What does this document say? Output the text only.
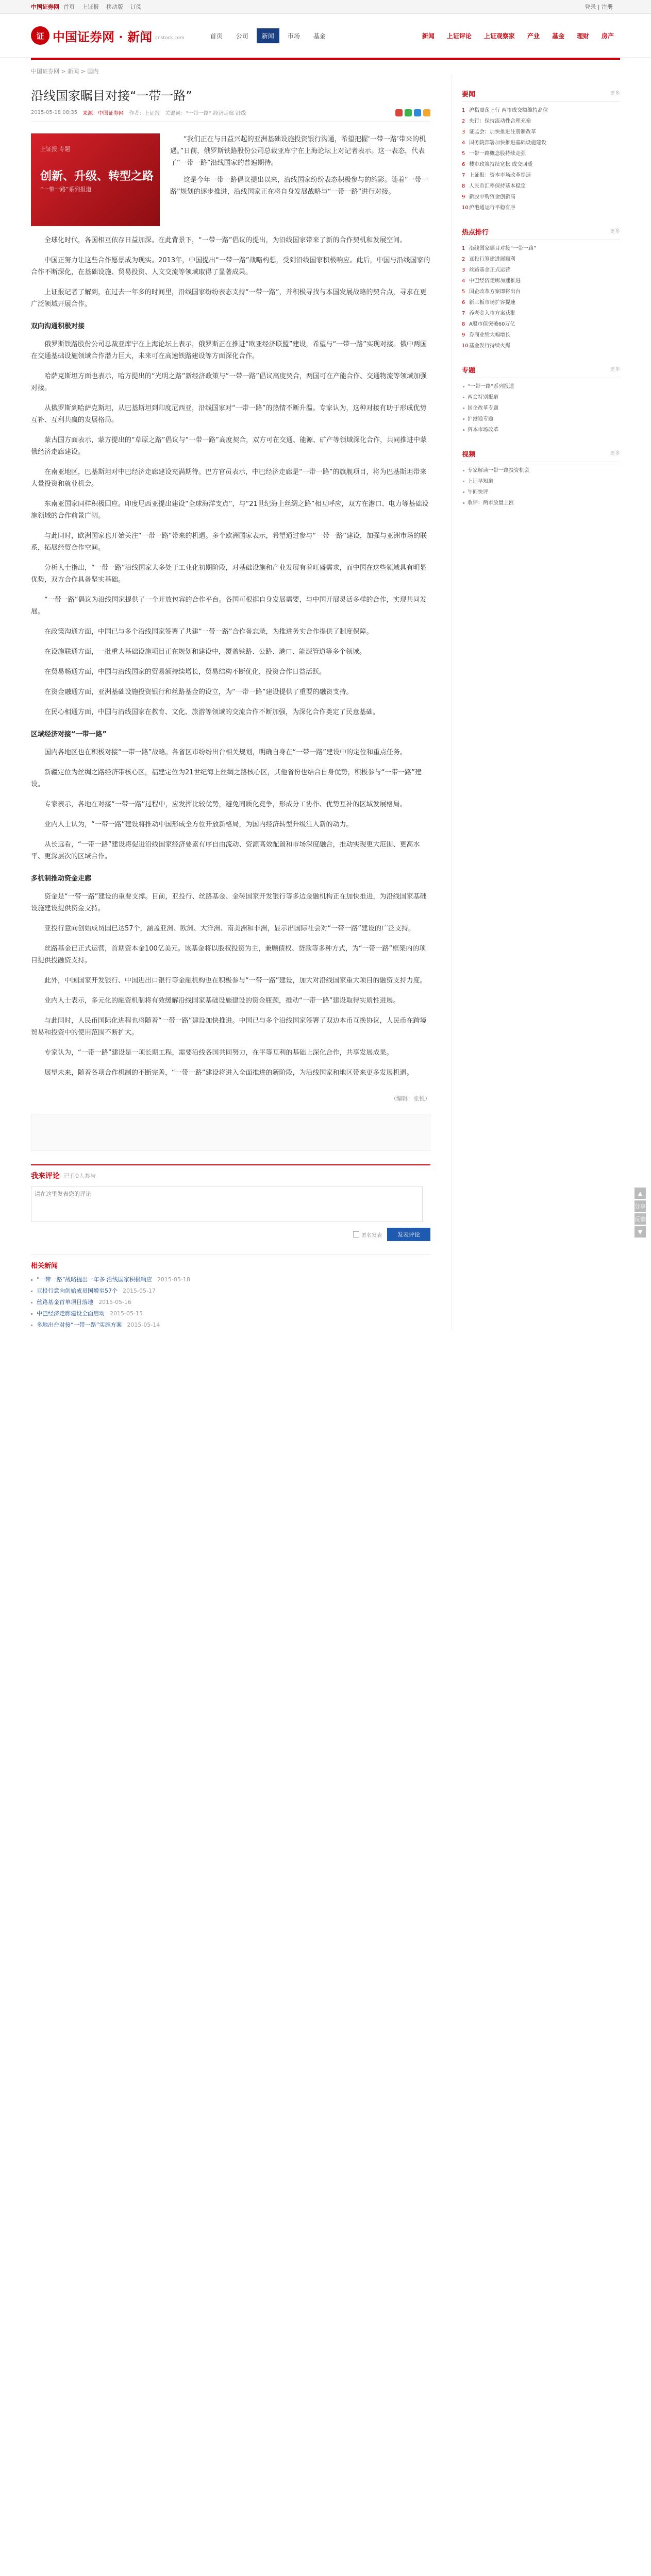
中国证券网 首页 上证报 移动版 订阅	登录 | 注册
证 中国证券网 · 新闻 cnstock.com	首页	公司	新闻	市场	基金	新闻	上证评论	上证观察家	产业	基金	理财	房产
中国证券网 > 新闻 > 国内
沿线国家瞩目对接“一带一路”
2015-05-18 08:35 来源：中国证券网 作者：上证报 关键词：“一带一路” 经济走廊 沿线
上证报 专题
创新、升级、转型之路
“一带一路”系列报道

“我们正在与日益兴起的亚洲基础设施投资银行沟通，希望把握‘一带一路’带来的机遇。”日前，俄罗斯铁路股份公司总裁亚库宁在上海论坛上对记者表示。这一表态，代表了“一带一路”沿线国家的普遍期待。

这是今年一带一路倡议提出以来，沿线国家纷纷表态积极参与的缩影。随着“一带一路”规划的逐步推进，沿线国家正在将自身发展战略与“一带一路”进行对接。

全球化时代，各国相互依存日益加深。在此背景下，“一带一路”倡议的提出，为沿线国家带来了新的合作契机和发展空间。

中国正努力让这些合作愿景成为现实。2013年，中国提出“一带一路”战略构想，受到沿线国家积极响应。此后，中国与沿线国家的合作不断深化，在基础设施、贸易投资、人文交流等领域取得了显著成果。

上证报记者了解到，在过去一年多的时间里，沿线国家纷纷表态支持“一带一路”，并积极寻找与本国发展战略的契合点，寻求在更广泛领域开展合作。

双向沟通积极对接

俄罗斯铁路股份公司总裁亚库宁在上海论坛上表示，俄罗斯正在推进“欧亚经济联盟”建设，希望与“一带一路”实现对接。俄中两国在交通基础设施领域合作潜力巨大，未来可在高速铁路建设等方面深化合作。

哈萨克斯坦方面也表示，哈方提出的“光明之路”新经济政策与“一带一路”倡议高度契合，两国可在产能合作、交通物流等领域加强对接。

从俄罗斯到哈萨克斯坦，从巴基斯坦到印度尼西亚，沿线国家对“一带一路”的热情不断升温。专家认为，这种对接有助于形成优势互补、互利共赢的发展格局。

蒙古国方面表示，蒙方提出的“草原之路”倡议与“一带一路”高度契合，双方可在交通、能源、矿产等领域深化合作，共同推进中蒙俄经济走廊建设。

在南亚地区，巴基斯坦对中巴经济走廊建设充满期待。巴方官员表示，中巴经济走廊是“一带一路”的旗舰项目，将为巴基斯坦带来大量投资和就业机会。

东南亚国家同样积极回应。印度尼西亚提出建设“全球海洋支点”，与“21世纪海上丝绸之路”相互呼应，双方在港口、电力等基础设施领域的合作前景广阔。

与此同时，欧洲国家也开始关注“一带一路”带来的机遇。多个欧洲国家表示，希望通过参与“一带一路”建设，加强与亚洲市场的联系，拓展经贸合作空间。

分析人士指出，“一带一路”沿线国家大多处于工业化初期阶段，对基础设施和产业发展有着旺盛需求，而中国在这些领域具有明显优势，双方合作具备坚实基础。

“一带一路”倡议为沿线国家提供了一个开放包容的合作平台。各国可根据自身发展需要，与中国开展灵活多样的合作，实现共同发展。

在政策沟通方面，中国已与多个沿线国家签署了共建“一带一路”合作备忘录，为推进务实合作提供了制度保障。

在设施联通方面，一批重大基础设施项目正在规划和建设中，覆盖铁路、公路、港口、能源管道等多个领域。

在贸易畅通方面，中国与沿线国家的贸易额持续增长，贸易结构不断优化，投资合作日益活跃。

在资金融通方面，亚洲基础设施投资银行和丝路基金的设立，为“一带一路”建设提供了重要的融资支持。

在民心相通方面，中国与沿线国家在教育、文化、旅游等领域的交流合作不断加强，为深化合作奠定了民意基础。

区域经济对接“一带一路”

国内各地区也在积极对接“一带一路”战略。各省区市纷纷出台相关规划，明确自身在“一带一路”建设中的定位和重点任务。

新疆定位为丝绸之路经济带核心区，福建定位为21世纪海上丝绸之路核心区，其他省份也结合自身优势，积极参与“一带一路”建设。

专家表示，各地在对接“一带一路”过程中，应发挥比较优势，避免同质化竞争，形成分工协作、优势互补的区域发展格局。

业内人士认为，“一带一路”建设将推动中国形成全方位开放新格局，为国内经济转型升级注入新的动力。

从长远看，“一带一路”建设将促进沿线国家经济要素有序自由流动、资源高效配置和市场深度融合，推动实现更大范围、更高水平、更深层次的区域合作。

多机制推动资金走廊

资金是“一带一路”建设的重要支撑。目前，亚投行、丝路基金、金砖国家开发银行等多边金融机构正在加快推进，为沿线国家基础设施建设提供资金支持。

亚投行意向创始成员国已达57个，涵盖亚洲、欧洲、大洋洲、南美洲和非洲，显示出国际社会对“一带一路”建设的广泛支持。

丝路基金已正式运营，首期资本金100亿美元。该基金将以股权投资为主，兼顾债权、贷款等多种方式，为“一带一路”框架内的项目提供投融资支持。

此外，中国国家开发银行、中国进出口银行等金融机构也在积极参与“一带一路”建设，加大对沿线国家重大项目的融资支持力度。

业内人士表示，多元化的融资机制将有效缓解沿线国家基础设施建设的资金瓶颈，推动“一带一路”建设取得实质性进展。

与此同时，人民币国际化进程也将随着“一带一路”建设加快推进。中国已与多个沿线国家签署了双边本币互换协议，人民币在跨境贸易和投资中的使用范围不断扩大。

专家认为，“一带一路”建设是一项长期工程，需要沿线各国共同努力，在平等互利的基础上深化合作，共享发展成果。

展望未来，随着各项合作机制的不断完善，“一带一路”建设将进入全面推进的新阶段，为沿线国家和地区带来更多发展机遇。

（编辑：张悦）
我来评论 已有0人参与
请在这里发表您的评论
匿名发表	发表评论
相关新闻
“一带一路”战略提出一年多 沿线国家积极响应 2015-05-18
亚投行意向创始成员国增至57个 2015-05-17
丝路基金首单项目落地 2015-05-16
中巴经济走廊建设全面启动 2015-05-15
多地出台对接“一带一路”实施方案 2015-05-14
要闻	更多
1 沪指震荡上行 两市成交额维持高位
2 央行：保持流动性合理充裕
3 证监会：加快推进注册制改革
4 国务院部署加快推进基础设施建设
5 一带一路概念股持续走强
6 楼市政策持续宽松 成交回暖
7 上证报：资本市场改革提速
8 人民币汇率保持基本稳定
9 新股申购资金创新高
10 沪港通运行平稳有序
热点排行	更多
1 沿线国家瞩目对接“一带一路”
2 亚投行筹建进展顺利
3 丝路基金正式运营
4 中巴经济走廊加速推进
5 国企改革方案即将出台
6 新三板市场扩容提速
7 养老金入市方案获批
8 A股市值突破60万亿
9 券商业绩大幅增长
10 基金发行持续火爆
专题	更多
“一带一路”系列报道
两会特别报道
国企改革专题
沪港通专题
资本市场改革
视频	更多
专家解读一带一路投资机会
上证早知道
午间快评
收评：两市放量上涨
▲
分享
反馈
▼
